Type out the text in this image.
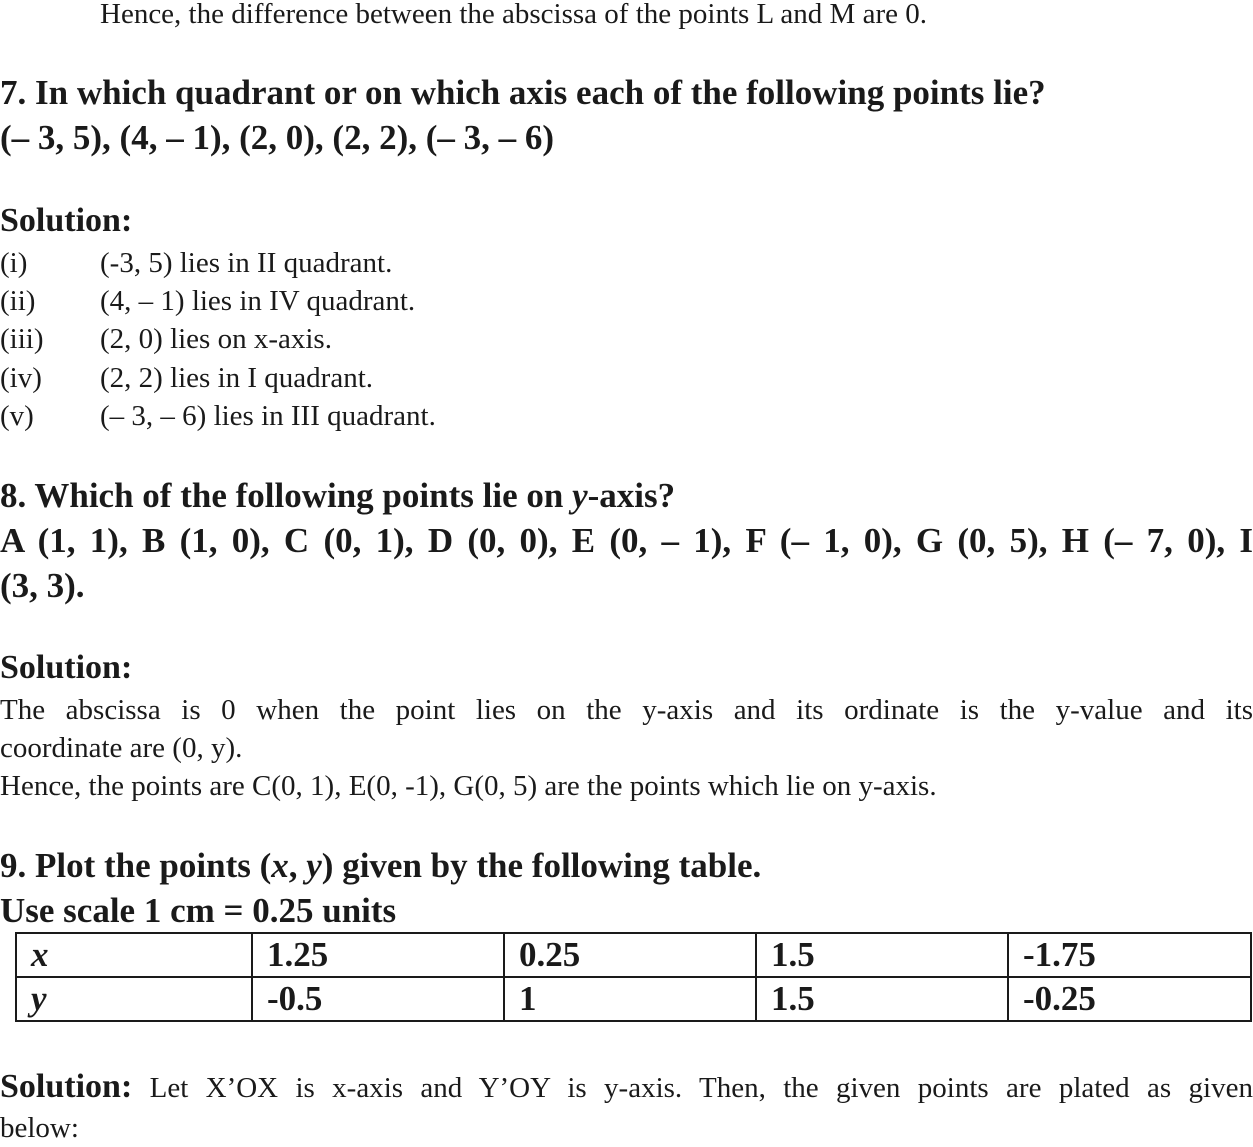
Hence, the difference between the abscissa of the points L and M are 0.
7. In which quadrant or on which axis each of the following points lie?
(– 3, 5), (4, – 1), (2, 0), (2, 2), (– 3, – 6)
Solution:
(i)	(-3, 5) lies in II quadrant.
(ii) (4, – 1) lies in IV quadrant.
(iii) (2, 0) lies on x-axis.
(iv) (2, 2) lies in I quadrant.
(v) (– 3, – 6) lies in III quadrant.
8. Which of the following points lie on y-axis?
A (1, 1), B (1, 0), C (0, 1), D (0, 0), E (0, – 1), F (– 1, 0), G (0, 5), H (– 7, 0), I
(3, 3).
Solution:
The abscissa is 0 when the point lies on the y-axis and its ordinate is the y-value and its
coordinate are (0, y).
Hence, the points are C(0, 1), E(0, -1), G(0, 5) are the points which lie on y-axis.
9. Plot the points (x, y) given by the following table.
Use scale 1 cm = 0.25 units
x	1.25	0.25	1.5	-1.75
y	-0.5	1	1.5	-0.25
Solution: Let X’OX is x-axis and Y’OY is y-axis. Then, the given points are plated as given
below:
